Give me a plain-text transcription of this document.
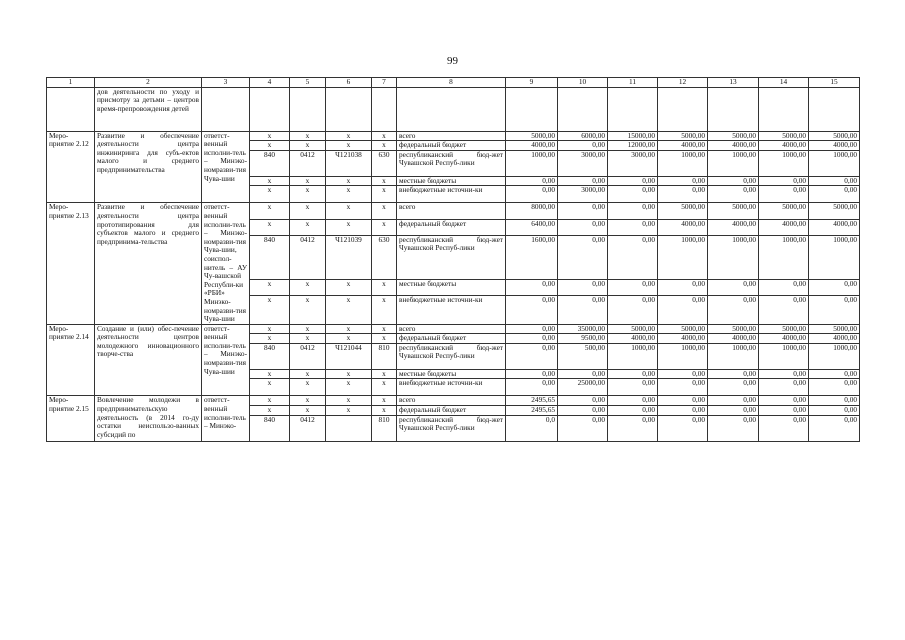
99
1	2	3	4	5	6	7	8	9	10	11	12	13	14	15
	дов деятельности по уходу и присмотру за детьми – центров время-препровождения детей													
Меро-приятие 2.12	Развитие и обеспечение деятельности центра инжиниринга для субъ-ектов малого и среднего предпринимательства	ответст-венный исполни-тель – Минэко-номразви-тия Чува-шии	x	x	x	x	всего	5000,00	6000,00	15000,00	5000,00	5000,00	5000,00	5000,00
			x	x	x	x	федеральный бюджет	4000,00	0,00	12000,00	4000,00	4000,00	4000,00	4000,00
			840	0412	Ч121038	630	республиканский бюд-жет Чувашской Респуб-лики	1000,00	3000,00	3000,00	1000,00	1000,00	1000,00	1000,00
			x	x	x	x	местные бюджеты	0,00	0,00	0,00	0,00	0,00	0,00	0,00
			x	x	x	x	внебюджетные источни-ки	0,00	3000,00	0,00	0,00	0,00	0,00	0,00
Меро-приятие 2.13	Развитие и обеспечение деятельности центра прототипирования для субъектов малого и среднего предпринима-тельства	ответст-венный исполни-тель – Минэко-номразви-тия Чува-шии, соиспол-нитель – АУ Чу-вашской Республи-ки «РБИ» Минэко-номразви-тия Чува-шии	x	x	x	x	всего	8000,00	0,00	0,00	5000,00	5000,00	5000,00	5000,00
			x	x	x	x	федеральный бюджет	6400,00	0,00	0,00	4000,00	4000,00	4000,00	4000,00
			840	0412	Ч121039	630	республиканский бюд-жет Чувашской Респуб-лики	1600,00	0,00	0,00	1000,00	1000,00	1000,00	1000,00
			x	x	x	x	местные бюджеты	0,00	0,00	0,00	0,00	0,00	0,00	0,00
			x	x	x	x	внебюджетные источни-ки	0,00	0,00	0,00	0,00	0,00	0,00	0,00
Меро-приятие 2.14	Создание и (или) обес-печение деятельности центров молодежного инновационного творче-ства	ответст-венный исполни-тель – Минэко-номразви-тия Чува-шии	x	x	x	x	всего	0,00	35000,00	5000,00	5000,00	5000,00	5000,00	5000,00
			x	x	x	x	федеральный бюджет	0,00	9500,00	4000,00	4000,00	4000,00	4000,00	4000,00
			840	0412	Ч121044	810	республиканский бюд-жет Чувашской Респуб-лики	0,00	500,00	1000,00	1000,00	1000,00	1000,00	1000,00
			x	x	x	x	местные бюджеты	0,00	0,00	0,00	0,00	0,00	0,00	0,00
			x	x	x	x	внебюджетные источни-ки	0,00	25000,00	0,00	0,00	0,00	0,00	0,00
Меро-приятие 2.15	Вовлечение молодежи в предпринимательскую деятельность (в 2014 го-ду остатки неиспользо-ванных субсидий по	ответст-венный исполни-тель – Минэко-	x	x	x	x	всего	2495,65	0,00	0,00	0,00	0,00	0,00	0,00
			x	x	x	x	федеральный бюджет	2495,65	0,00	0,00	0,00	0,00	0,00	0,00
			840	0412		810	республиканский бюд-жет Чувашской Респуб-лики	0,0	0,00	0,00	0,00	0,00	0,00	0,00
